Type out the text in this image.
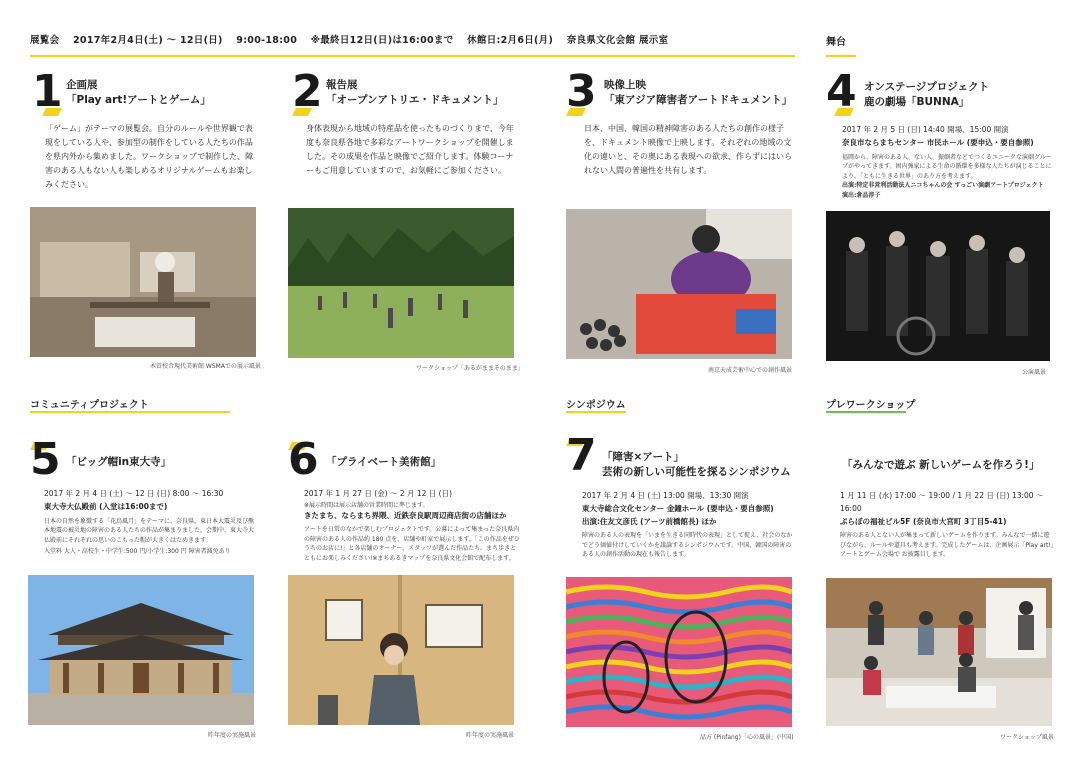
展覧会 2017年2月4日(土) 〜 12日(日) 9:00-18:00 ※最終日12日(日)は16:00まで 休館日:2月6日(月) 奈良県文化会館 展示室	舞台
1 企画展
「Play art!アートとゲーム」
「ゲーム」がテーマの展覧会。自分のルールや世界観で表現をしている人や、参加型の制作をしている人たちの作品を県内外から集めました。ワークショップで制作した、障害のある人もない人も楽しめるオリジナルゲームもお楽しみください。
木曽校舎現代美術館 WSMAでの展示風景
2 報告展
「オープンアトリエ・ドキュメント」
身体表現から地域の特産品を使ったものづくりまで、今年度も奈良県各地で多彩なアートワークショップを開催しました。その成果を作品と映像でご紹介します。体験コーナーもご用意していますので、お気軽にご参加ください。
ワークショップ「あるがままそのまま」
3 映像上映
「東アジア障害者アートドキュメント」
日本、中国、韓国の精神障害のある人たちの創作の様子を、ドキュメント映像で上映します。それぞれの地域の文化の違いと、その奥にある表現への欲求、作らずにはいられない人間の普遍性を共有します。
南京天成芸術中心での創作風景
4 オンステージプロジェクト
鹿の劇場「BUNNA」
2017 年 2 月 5 日 (日) 14:40 開場、15:00 開演
奈良市ならまちセンター 市民ホール (要申込・要自参照)
福岡から、障害のある人、ない人、振劇者などでつくるユニークな演劇グループがやってきます。困内強家による生命の循環を多様な人たちが演じることにより、「ともに生きる世界」のあり方を考えます。
出演:特定非営利活動法人ニコちゃんの会 すっごい演劇アートプロジェクト
演出:倉品淳子
公演風景
コミュニティプロジェクト	シンポジウム	プレワークショップ
5 「ビッグ帽in東大寺」
2017 年 2 月 4 日 (土) 〜 12 日 (日) 8:00 〜 16:30
東大寺大仏殿前 (入堂は16:00まで)
日本の自然を象徴する「花鳥風月」をテーマに、奈良県、東日本大震災及び熊本地震の被災地の障害のある人たちの作品が集まりました。会期中、東大寺大仏殿前にそれぞれの思いのこもった帽が大きくはためきます。
入堂料 大人・高校生・中学生:500 円/小学生:300 円 障害者減免あり
昨年度の実施風景
6 「プライベート美術館」
2017 年 1 月 27 日 (金) 〜 2 月 12 日 (日)
※展示時間は展示店舗の営業時間に準じます。
きたまち、ならまち界隈、近鉄奈良駅周辺商店街の店舗ほか
アートを日常のなかで楽しむプロジェクトです。公募によって集まった奈良県内の障害のある人の作品約 180 点を、店舗や町家で展示します。「この作品をぜひうちのお店に!」と各店舗のオーナー、スタッフが選んだ作品たち。まち歩きとともにお楽しみください!※まちあるきマップを奈良県文化会館で配布します。
昨年度の実施風景
7 「障害×アート」
芸術の新しい可能性を探るシンポジウム
2017 年 2 月 4 日 (土) 13:00 開場、13:30 開演
東大寺総合文化センター 金鐘ホール (要申込・要自参照)
出演:住友文彦氏 (アーツ前橋館長) ほか
障害のある人の表現を「いまを生きる同時代の表現」として捉え、社会のなかでどう価値付けしていくかを議論するシンポジウムです。中国、韓国の障害のある人の創作活動の現在も報告します。
品方 (Pinfang)「心の風景」(中国)
「みんなで遊ぶ 新しいゲームを作ろう!」
1 月 11 日 (水) 17:00 〜 19:00 / 1 月 22 日 (日) 13:00 〜 16:00
ぷらぼの福祉ビル5F (奈良市大宮町 3丁目5-41)
障害のある人とない人が集まって新しいゲームを作ります。みんなで一緒に遊びながら、ルールや道具も考えます。完成したゲームは、企画展示「Play art!」アートとゲーム会場で お披露目します。
ワークショップ風景
